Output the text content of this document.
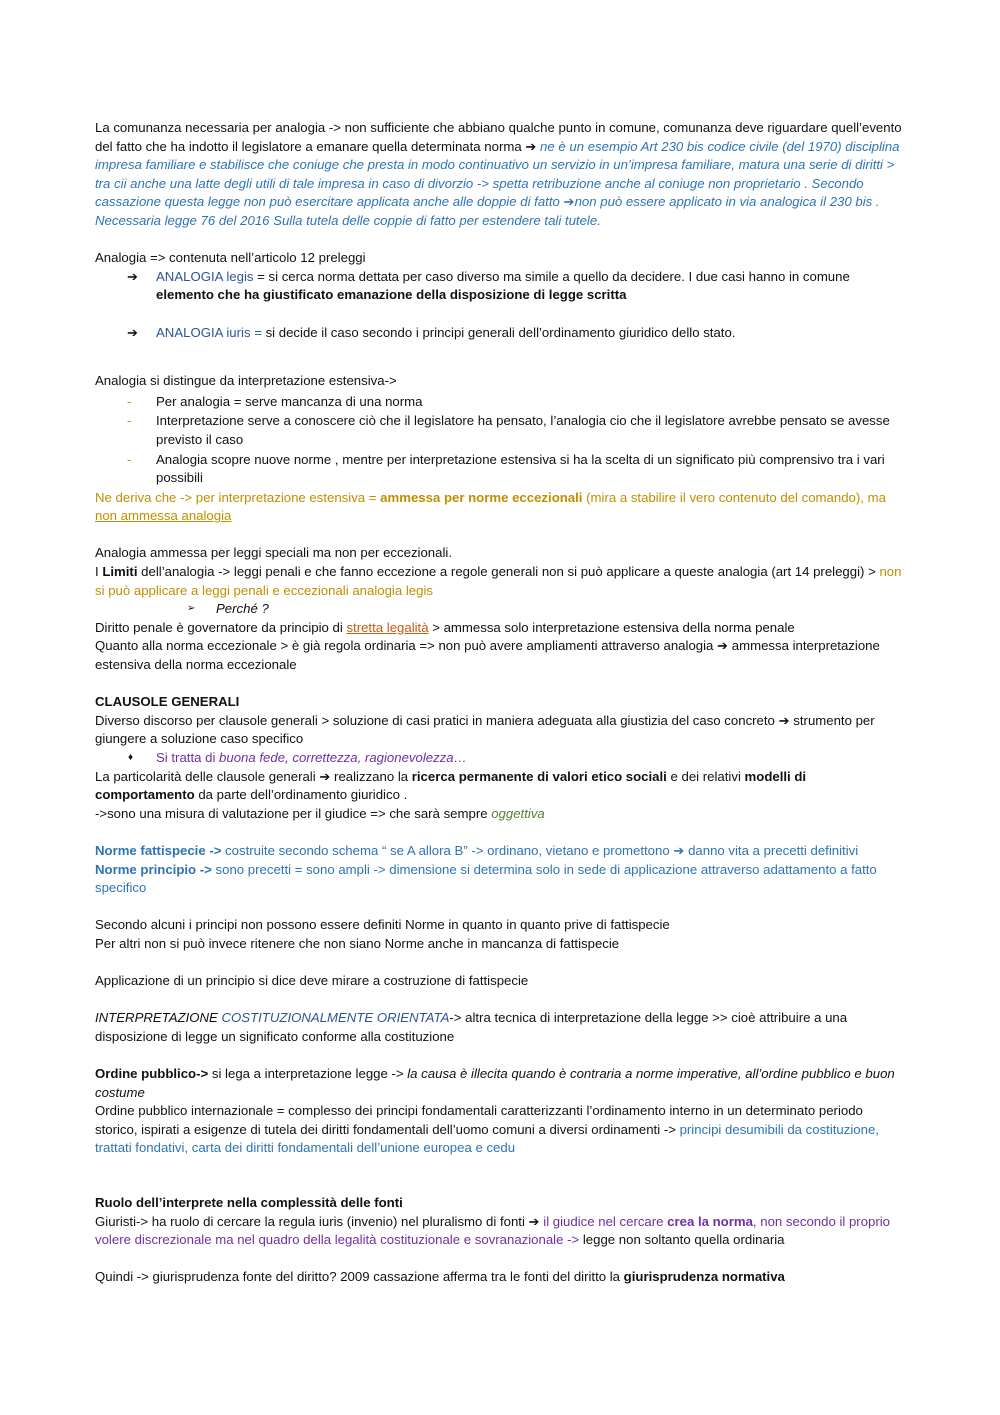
La comunanza necessaria per analogia -> non sufficiente che abbiano qualche punto in comune, comunanza deve riguardare quell’evento del fatto che ha indotto il legislatore a emanare quella determinata norma ➔ ne è un esempio Art 230 bis codice civile (del 1970) disciplina impresa familiare e stabilisce che coniuge che presta in modo continuativo un servizio in un’impresa familiare, matura una serie di diritti > tra cii anche una latte degli utili di tale impresa in caso di divorzio -> spetta retribuzione anche al coniuge non proprietario . Secondo cassazione questa legge non può esercitare applicata anche alle doppie di fatto ➔non può essere applicato in via analogica il 230 bis . Necessaria legge 76 del 2016 Sulla tutela delle coppie di fatto per estendere tali tutele.

Analogia => contenuta nell’articolo 12 preleggi

➔ ANALOGIA legis = si cerca norma dettata per caso diverso ma simile a quello da decidere. I due casi hanno in comune elemento che ha giustificato emanazione della disposizione di legge scritta

➔ ANALOGIA iuris = si decide il caso secondo i principi generali dell’ordinamento giuridico dello stato.

Analogia si distingue da interpretazione estensiva->

- Per analogia = serve mancanza di una norma

- Interpretazione serve a conoscere ciò che il legislatore ha pensato, l’analogia cio che il legislatore avrebbe pensato se avesse previsto il caso

- Analogia scopre nuove norme , mentre per interpretazione estensiva si ha la scelta di un significato più comprensivo tra i vari possibili

Ne deriva che -> per interpretazione estensiva = ammessa per norme eccezionali (mira a stabilire il vero contenuto del comando), ma non ammessa analogia

Analogia ammessa per leggi speciali ma non per eccezionali.

I Limiti dell’analogia -> leggi penali e che fanno eccezione a regole generali non si può applicare a queste analogia (art 14 preleggi) > non si può applicare a leggi penali e eccezionali analogia legis

➢ Perché ?

Diritto penale è governatore da principio di stretta legalità > ammessa solo interpretazione estensiva della norma penale

Quanto alla norma eccezionale > è già regola ordinaria => non può avere ampliamenti attraverso analogia ➔ ammessa interpretazione estensiva della norma eccezionale

CLAUSOLE GENERALI

Diverso discorso per clausole generali > soluzione di casi pratici in maniera adeguata alla giustizia del caso concreto ➔ strumento per giungere a soluzione caso specifico

♦ Si tratta di buona fede, correttezza, ragionevolezza…

La particolarità delle clausole generali ➔ realizzano la ricerca permanente di valori etico sociali e dei relativi modelli di comportamento da parte dell’ordinamento giuridico .

->sono una misura di valutazione per il giudice => che sarà sempre oggettiva

Norme fattispecie -> costruite secondo schema “ se A allora B” -> ordinano, vietano e promettono ➔ danno vita a precetti definitivi

Norme principio -> sono precetti = sono ampli -> dimensione si determina solo in sede di applicazione attraverso adattamento a fatto specifico

Secondo alcuni i principi non possono essere definiti Norme in quanto in quanto prive di fattispecie

Per altri non si può invece ritenere che non siano Norme anche in mancanza di fattispecie

Applicazione di un principio si dice deve mirare a costruzione di fattispecie

INTERPRETAZIONE COSTITUZIONALMENTE ORIENTATA-> altra tecnica di interpretazione della legge >> cioè attribuire a una disposizione di legge un significato conforme alla costituzione

Ordine pubblico-> si lega a interpretazione legge -> la causa è illecita quando è contraria a norme imperative, all’ordine pubblico e buon costume

Ordine pubblico internazionale = complesso dei principi fondamentali caratterizzanti l’ordinamento interno in un determinato periodo storico, ispirati a esigenze di tutela dei diritti fondamentali dell’uomo comuni a diversi ordinamenti -> principi desumibili da costituzione, trattati fondativi, carta dei diritti fondamentali dell’unione europea e cedu

Ruolo dell’interprete nella complessità delle fonti

Giuristi-> ha ruolo di cercare la regula iuris (invenio) nel pluralismo di fonti ➔ il giudice nel cercare crea la norma, non secondo il proprio volere discrezionale ma nel quadro della legalità costituzionale e sovranazionale -> legge non soltanto quella ordinaria

Quindi -> giurisprudenza fonte del diritto? 2009 cassazione afferma tra le fonti del diritto la giurisprudenza normativa
